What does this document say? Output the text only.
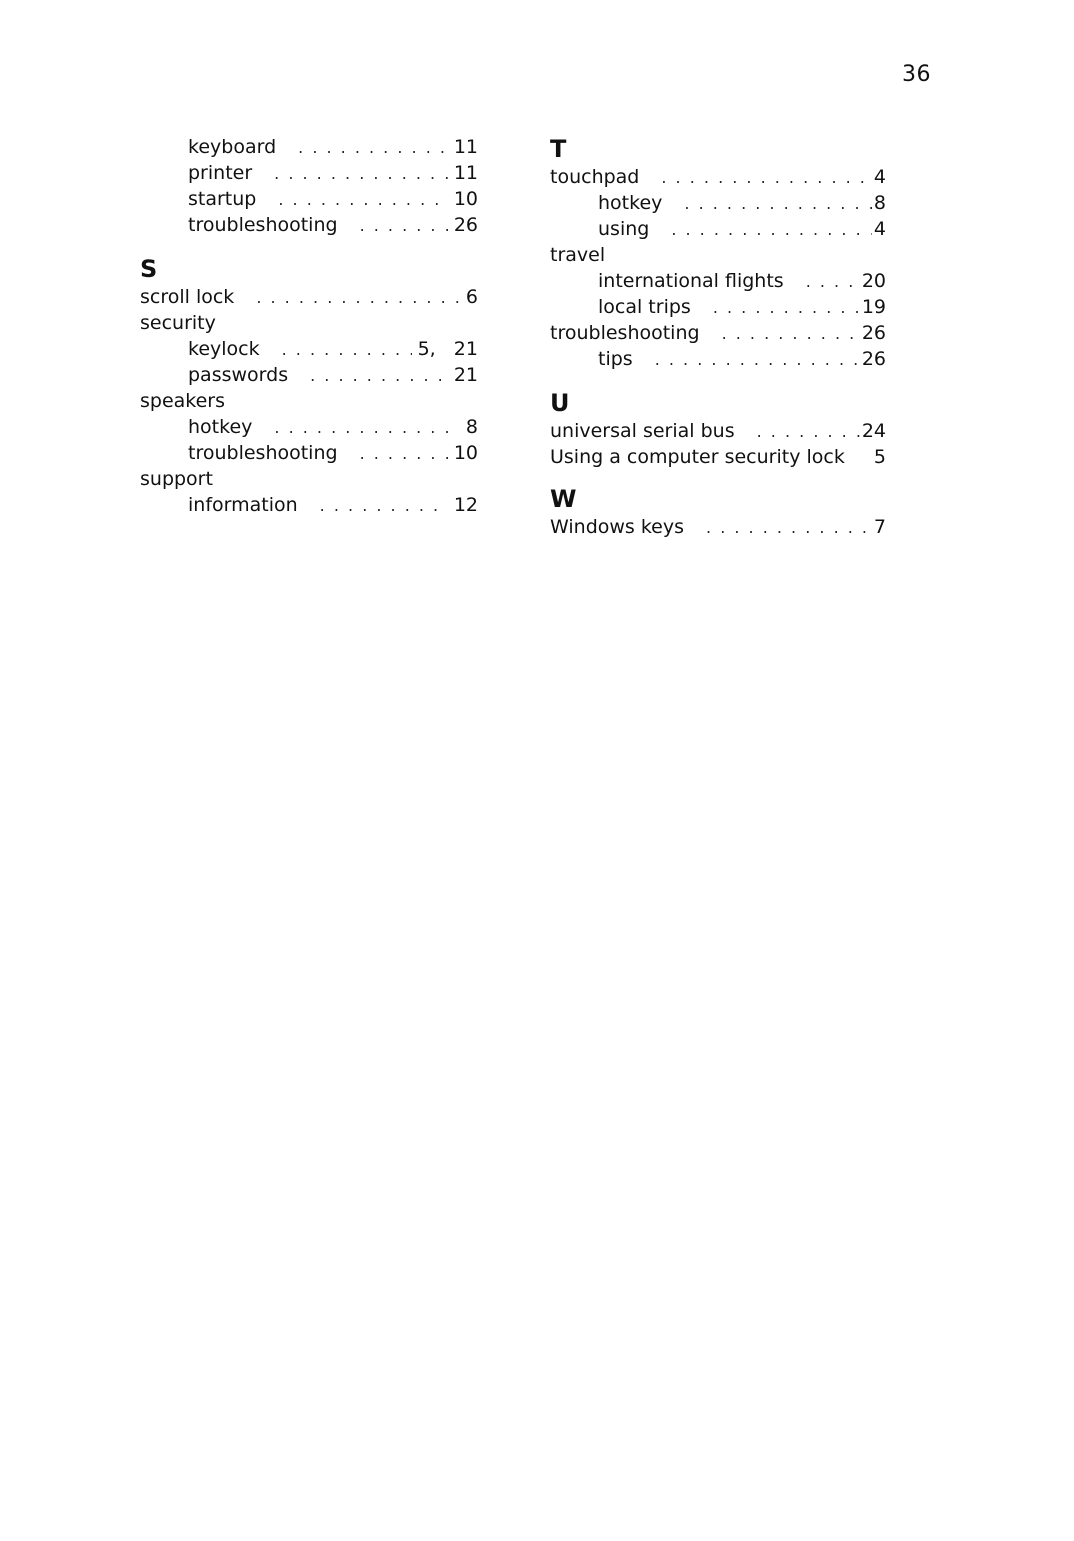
36
keyboard . . .	11
printer . . .	11
startup . . .	10
troubleshooting . . .	26
S
scroll lock . . .	6
security
keylock . . .	5,   21
passwords . . .	21
speakers
hotkey . . .	8
troubleshooting . . .	10
support
information . . .	12
T
touchpad . . .	4
hotkey . . .	8
using . . .	4
travel
international flights . . .	20
local trips . . .	19
troubleshooting . . .	26
tips . . .	26
U
universal serial bus . . .	24
Using a computer security lock	5
W
Windows keys . . .	7
